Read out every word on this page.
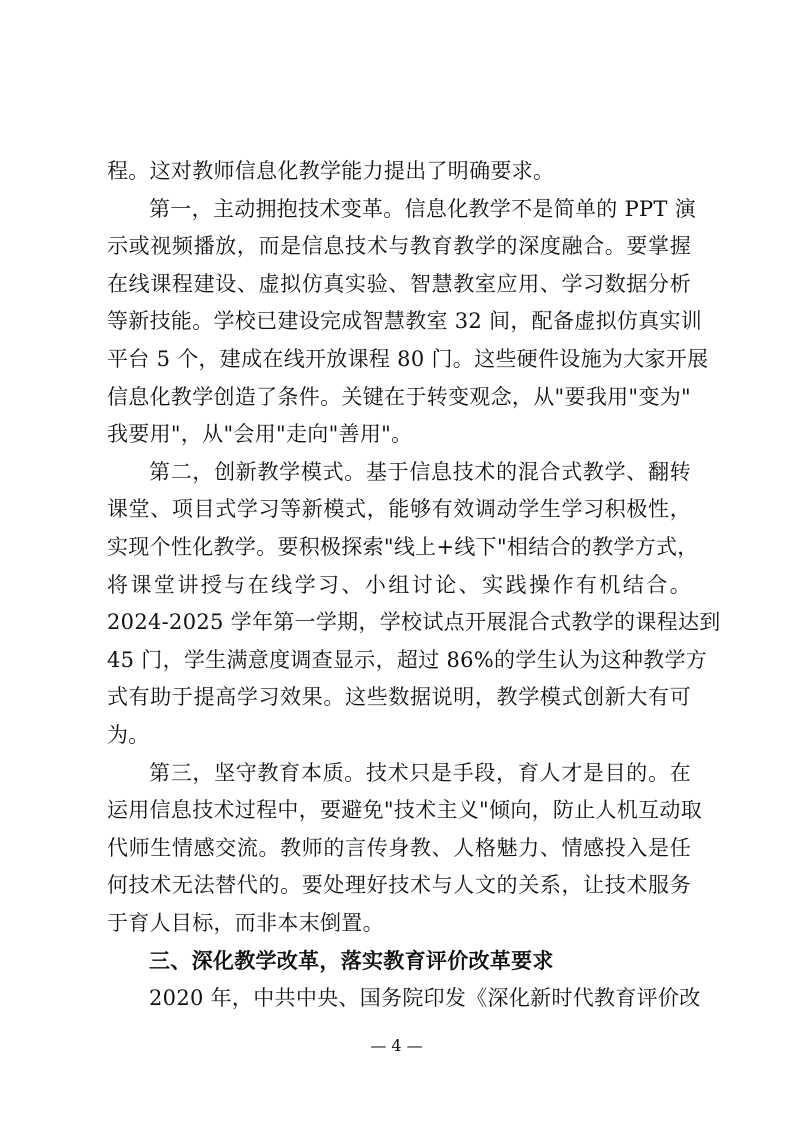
程。这对教师信息化教学能力提出了明确要求。
第一，主动拥抱技术变革。信息化教学不是简单的 PPT 演
示或视频播放，而是信息技术与教育教学的深度融合。要掌握
在线课程建设、虚拟仿真实验、智慧教室应用、学习数据分析
等新技能。学校已建设完成智慧教室 32 间，配备虚拟仿真实训
平台 5 个，建成在线开放课程 80 门。这些硬件设施为大家开展
信息化教学创造了条件。关键在于转变观念，从"要我用"变为"
我要用"，从"会用"走向"善用"。
第二，创新教学模式。基于信息技术的混合式教学、翻转
课堂、项目式学习等新模式，能够有效调动学生学习积极性，
实现个性化教学。要积极探索"线上+线下"相结合的教学方式，
将课堂讲授与在线学习、小组讨论、实践操作有机结合。
2024-2025 学年第一学期，学校试点开展混合式教学的课程达到
45 门，学生满意度调查显示，超过 86%的学生认为这种教学方
式有助于提高学习效果。这些数据说明，教学模式创新大有可
为。
第三，坚守教育本质。技术只是手段，育人才是目的。在
运用信息技术过程中，要避免"技术主义"倾向，防止人机互动取
代师生情感交流。教师的言传身教、人格魅力、情感投入是任
何技术无法替代的。要处理好技术与人文的关系，让技术服务
于育人目标，而非本末倒置。
三、深化教学改革，落实教育评价改革要求
2020 年，中共中央、国务院印发《深化新时代教育评价改
— 4 —
